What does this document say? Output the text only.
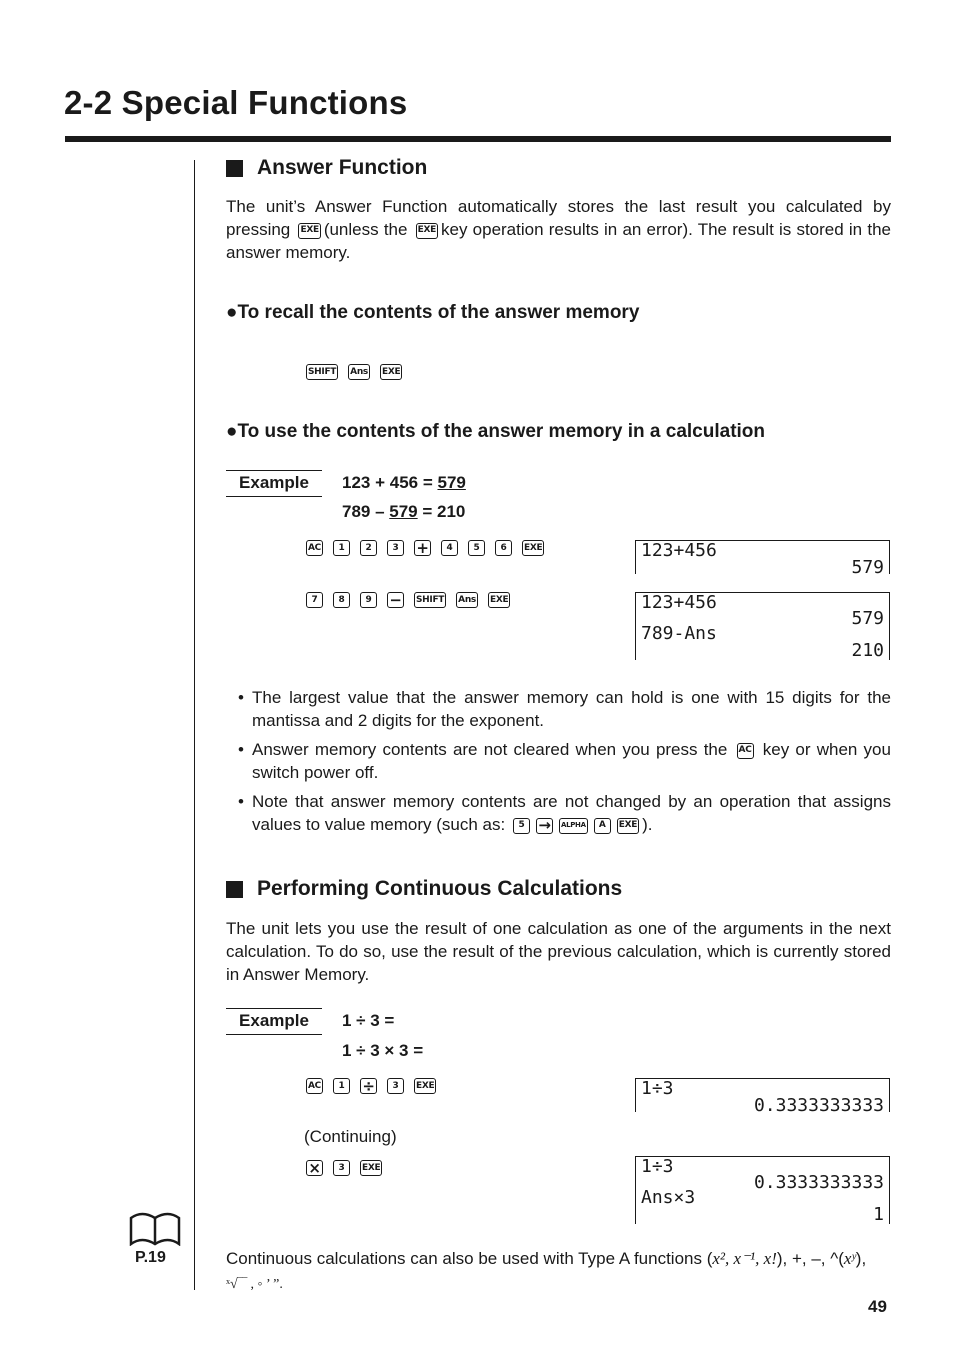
2-2 Special Functions
Answer Function
The unit’s Answer Function automatically stores the last result you calculated by pressing EXE (unless the EXE key operation results in an error). The result is stored in the answer memory.
●To recall the contents of the answer memory
SHIFT Ans EXE
●To use the contents of the answer memory in a calculation
Example	123 + 456 = 579
789 – 579 = 210
AC	1	2	3	+	4	5	6	EXE
7	8	9	− SHIFT Ans EXE
123+456
579
123+456
579
789-Ans
210
• The largest value that the answer memory can hold is one with 15 digits for the mantissa and 2 digits for the exponent.
• Answer memory contents are not cleared when you press the AC key or when you switch power off.
• Note that answer memory contents are not changed by an operation that assigns values to value memory (such as: 5 → ALPHA A EXE ).
Performing Continuous Calculations
The unit lets you use the result of one calculation as one of the arguments in the next calculation. To do so, use the result of the previous calculation, which is currently stored in Answer Memory.
Example	1 ÷ 3 =
1 ÷ 3 × 3 =
AC	1	÷	3	EXE
(Continuing)
×	3	EXE
1÷3
0.3333333333
1÷3
0.3333333333
Ans×3
1
P.19	Continuous calculations can also be used with Type A functions (x², x⁻¹, x!), +, –, ^(xʸ),
ˣ√‾‾ , ◦ ’ ”.
49
